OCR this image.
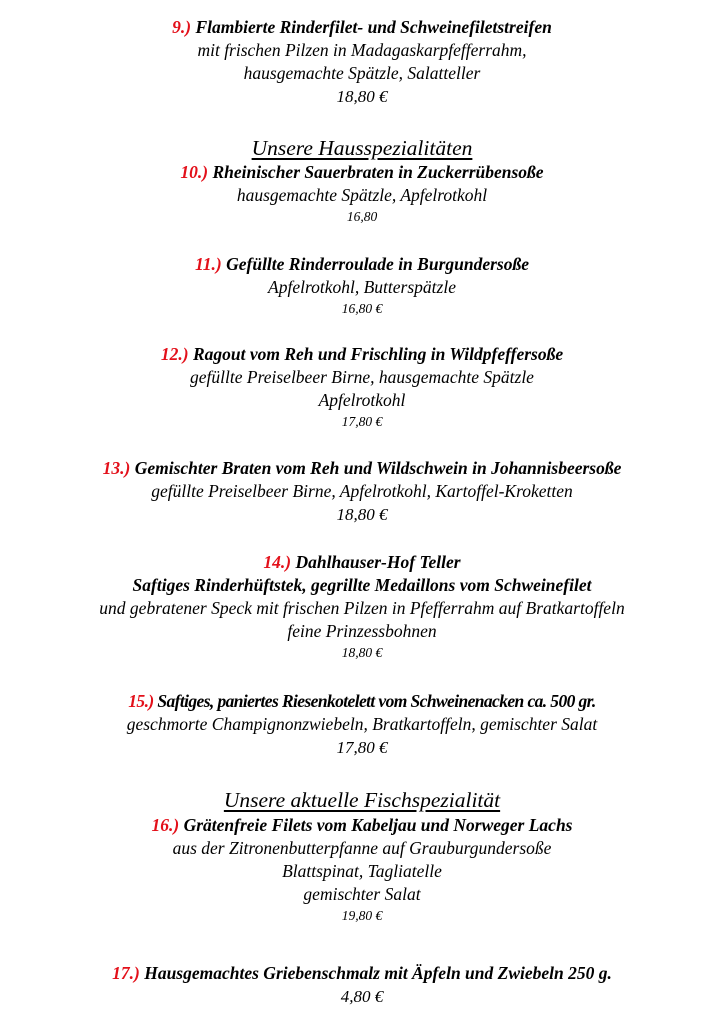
9.) Flambierte Rinderfilet- und Schweinefiletstreifen
mit frischen Pilzen in Madagaskarpfefferrahm,
hausgemachte Spätzle, Salatteller
18,80 €
Unsere Hausspezialitäten
10.) Rheinischer Sauerbraten in Zuckerrübensoße
hausgemachte Spätzle, Apfelrotkohl
16,80
11.) Gefüllte Rinderroulade in Burgundersoße
Apfelrotkohl, Butterspätzle
16,80 €
12.) Ragout vom Reh und Frischling in Wildpfeffersoße
gefüllte Preiselbeer Birne, hausgemachte Spätzle
Apfelrotkohl
17,80 €
13.) Gemischter Braten vom Reh und Wildschwein in Johannisbeersoße
gefüllte Preiselbeer Birne, Apfelrotkohl, Kartoffel-Kroketten
18,80 €
14.) Dahlhauser-Hof Teller
Saftiges Rinderhüftstek, gegrillte Medaillons vom Schweinefilet
und gebratener Speck mit frischen Pilzen in Pfefferrahm auf Bratkartoffeln
feine Prinzessbohnen
18,80 €
15.) Saftiges, paniertes Riesenkotelett vom Schweinenacken ca. 500 gr.
geschmorte Champignonzwiebeln, Bratkartoffeln, gemischter Salat
17,80 €
Unsere aktuelle Fischspezialität
16.) Grätenfreie Filets vom Kabeljau und Norweger Lachs
aus der Zitronenbutterpfanne auf Grauburgundersoße
Blattspinat, Tagliatelle
gemischter Salat
19,80 €
17.) Hausgemachtes Griebenschmalz mit Äpfeln und Zwiebeln 250 g.
4,80 €
